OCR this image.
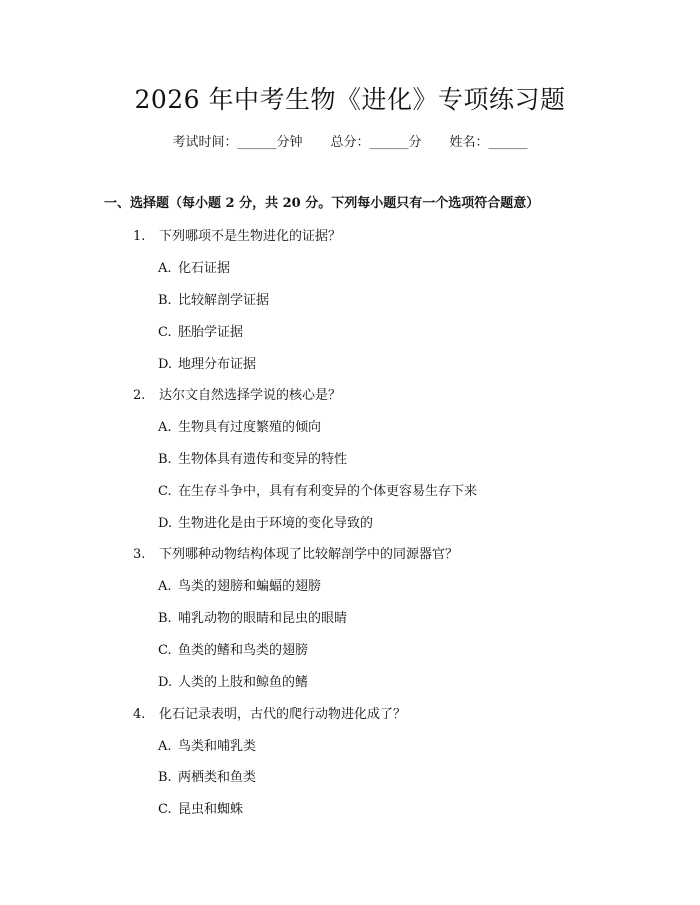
2026 年中考生物《进化》专项练习题
考试时间：______分钟 总分：______分 姓名：______
一、选择题（每小题 2 分，共 20 分。下列每小题只有一个选项符合题意）
1. 下列哪项不是生物进化的证据？
A. 化石证据
B. 比较解剖学证据
C. 胚胎学证据
D. 地理分布证据
2. 达尔文自然选择学说的核心是？
A. 生物具有过度繁殖的倾向
B. 生物体具有遗传和变异的特性
C. 在生存斗争中，具有有利变异的个体更容易生存下来
D. 生物进化是由于环境的变化导致的
3. 下列哪种动物结构体现了比较解剖学中的同源器官？
A. 鸟类的翅膀和蝙蝠的翅膀
B. 哺乳动物的眼睛和昆虫的眼睛
C. 鱼类的鳍和鸟类的翅膀
D. 人类的上肢和鲸鱼的鳍
4. 化石记录表明，古代的爬行动物进化成了？
A. 鸟类和哺乳类
B. 两栖类和鱼类
C. 昆虫和蜘蛛
